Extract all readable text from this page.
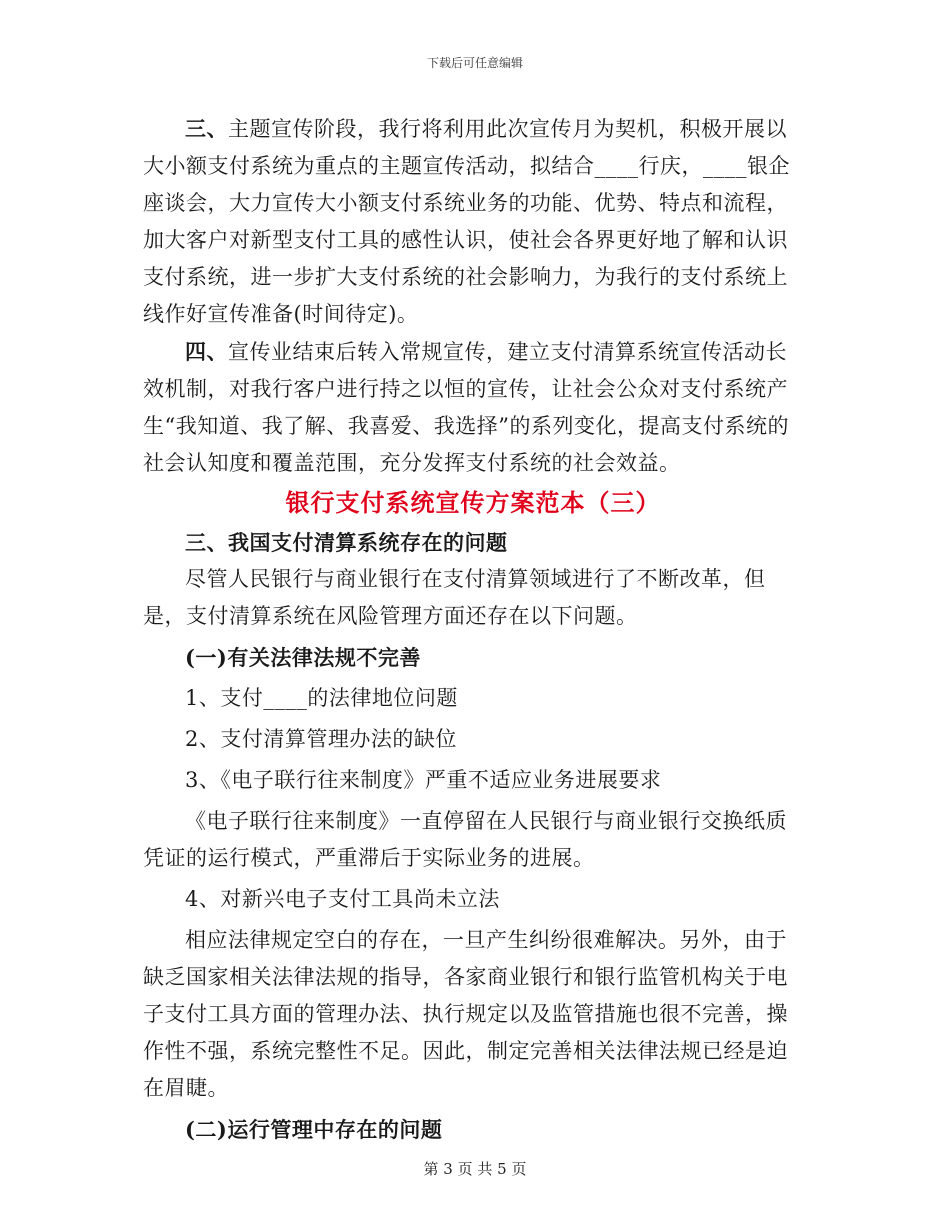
下载后可任意编辑

三、主题宣传阶段，我行将利用此次宣传月为契机，积极开展以大小额支付系统为重点的主题宣传活动，拟结合____行庆，____银企座谈会，大力宣传大小额支付系统业务的功能、优势、特点和流程，加大客户对新型支付工具的感性认识，使社会各界更好地了解和认识支付系统，进一步扩大支付系统的社会影响力，为我行的支付系统上线作好宣传准备(时间待定)。

四、宣传业结束后转入常规宣传，建立支付清算系统宣传活动长效机制，对我行客户进行持之以恒的宣传，让社会公众对支付系统产生“我知道、我了解、我喜爱、我选择”的系列变化，提高支付系统的社会认知度和覆盖范围，充分发挥支付系统的社会效益。

银行支付系统宣传方案范本（三）

三、我国支付清算系统存在的问题

尽管人民银行与商业银行在支付清算领域进行了不断改革，但是，支付清算系统在风险管理方面还存在以下问题。

(一)有关法律法规不完善

1、支付____的法律地位问题

2、支付清算管理办法的缺位

3、《电子联行往来制度》严重不适应业务进展要求

《电子联行往来制度》一直停留在人民银行与商业银行交换纸质凭证的运行模式，严重滞后于实际业务的进展。

4、对新兴电子支付工具尚未立法

相应法律规定空白的存在，一旦产生纠纷很难解决。另外，由于缺乏国家相关法律法规的指导，各家商业银行和银行监管机构关于电子支付工具方面的管理办法、执行规定以及监管措施也很不完善，操作性不强，系统完整性不足。因此，制定完善相关法律法规已经是迫在眉睫。

(二)运行管理中存在的问题

第 3 页 共 5 页
